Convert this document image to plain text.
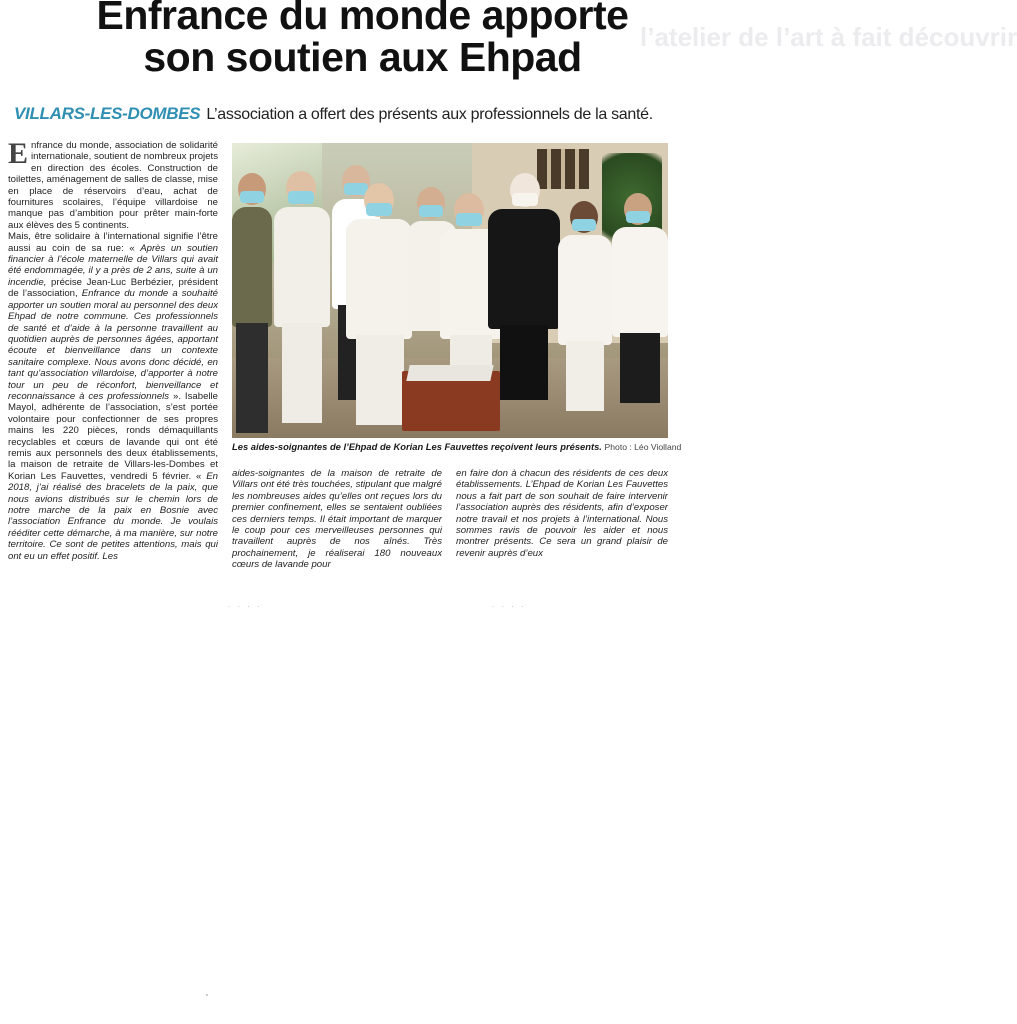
l’atelier de l’art à fait découvrir
Enfrance du monde apporte
son soutien aux Ehpad
VILLARS-LES-DOMBES L’association a offert des présents aux professionnels de la santé.

Enfrance du monde, association de solidarité internationale, soutient de nombreux projets en direction des écoles. Construction de toilettes, aménagement de salles de classe, mise en place de réservoirs d’eau, achat de fournitures scolaires, l’équipe villardoise ne manque pas d’ambition pour prêter main-forte aux élèves des 5 continents.

Mais, être solidaire à l’international signifie l’être aussi au coin de sa rue: « Après un soutien financier à l’école maternelle de Villars qui avait été endommagée, il y a près de 2 ans, suite à un incendie, précise Jean-Luc Berbézier, président de l’association, Enfrance du monde a souhaité apporter un soutien moral au personnel des deux Ehpad de notre commune. Ces professionnels de santé et d’aide à la personne travaillent au quotidien auprès de personnes âgées, apportant écoute et bienveillance dans un contexte sanitaire complexe. Nous avons donc décidé, en tant qu’association villardoise, d’apporter à notre tour un peu de réconfort, bienveillance et reconnaissance à ces professionnels ». Isabelle Mayol, adhérente de l’association, s’est portée volontaire pour confectionner de ses propres mains les 220 pièces, ronds démaquillants recyclables et cœurs de lavande qui ont été remis aux personnels des deux établissements, la maison de retraite de Villars-les-Dombes et Korian Les Fauvettes, vendredi 5 février. « En 2018, j’ai réalisé des bracelets de la paix, que nous avions distribués sur le chemin lors de notre marche de la paix en Bosnie avec l’association Enfrance du monde. Je voulais rééditer cette démarche, à ma manière, sur notre territoire. Ce sont de petites attentions, mais qui ont eu un effet positif. Les

Les aides-soignantes de l’Ehpad de Korian Les Fauvettes reçoivent leurs présents. Photo : Léo Violland

aides-soignantes de la maison de retraite de Villars ont été très touchées, stipulant que malgré les nombreuses aides qu’elles ont reçues lors du premier confinement, elles se sentaient oubliées ces derniers temps. Il était important de marquer le coup pour ces merveilleuses personnes qui travaillent auprès de nos aînés. Très prochainement, je réaliserai 180 nouveaux cœurs de lavande pour

en faire don à chacun des résidents de ces deux établissements. L’Ehpad de Korian Les Fauvettes nous a fait part de son souhait de faire intervenir l’association auprès des résidents, afin d’exposer notre travail et nos projets à l’international. Nous sommes ravis de pouvoir les aider et nous montrer présents. Ce sera un grand plaisir de revenir auprès d’eux

· · · ·	· · · ·
